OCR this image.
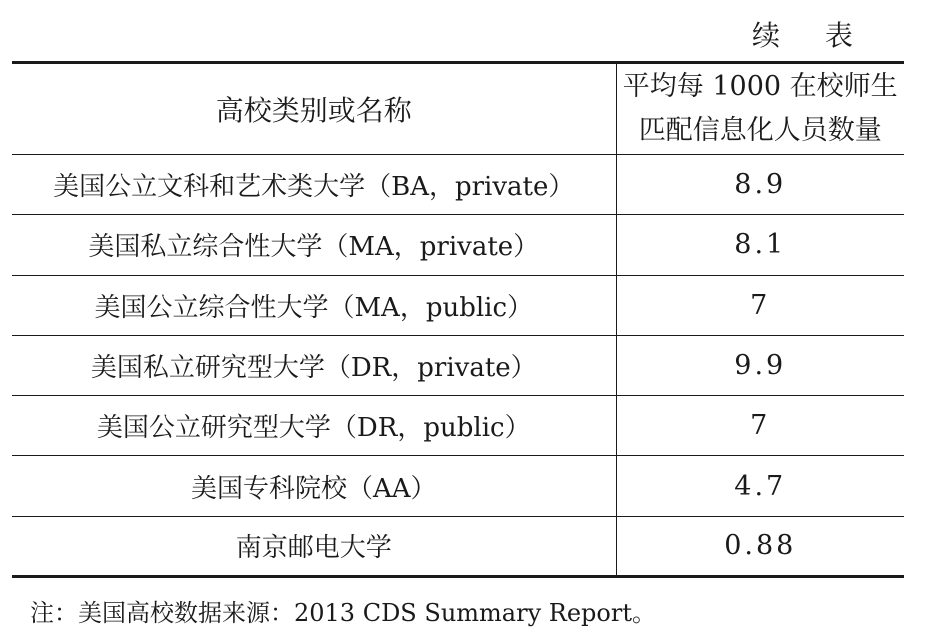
续 表
高校类别或名称	平均每 1000 在校师生
匹配信息化人员数量

美国公立文科和艺术类大学（BA，private）	8.9
美国私立综合性大学（MA，private）	8.1
美国公立综合性大学（MA，public）	7
美国私立研究型大学（DR，private）	9.9
美国公立研究型大学（DR，public）	7
美国专科院校（AA）	4.7
南京邮电大学	0.88
注：美国高校数据来源：2013 CDS Summary Report。
